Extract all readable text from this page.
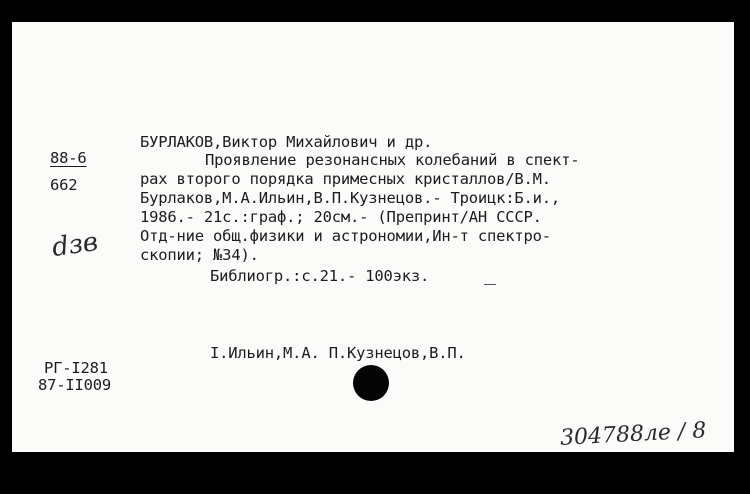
88-6
662
dзв
БУРЛАКОВ,Виктор Михайлович и др.
Проявление резонансных колебаний в спект-
рах второго порядка примесных кристаллов/В.М.
Бурлаков,М.А.Ильин,В.П.Кузнецов.- Троицк:Б.и.,
1986.- 21с.:граф.; 20см.- (Препринт/АН СССР.
Отд-ние общ.физики и астрономии,Ин-т спектро-
скопии; №34).
Библиогр.:с.21.- 100экз.
I.Ильин,М.А. П.Кузнецов,В.П.
РГ-I281
87-II009
304788ле / 8
